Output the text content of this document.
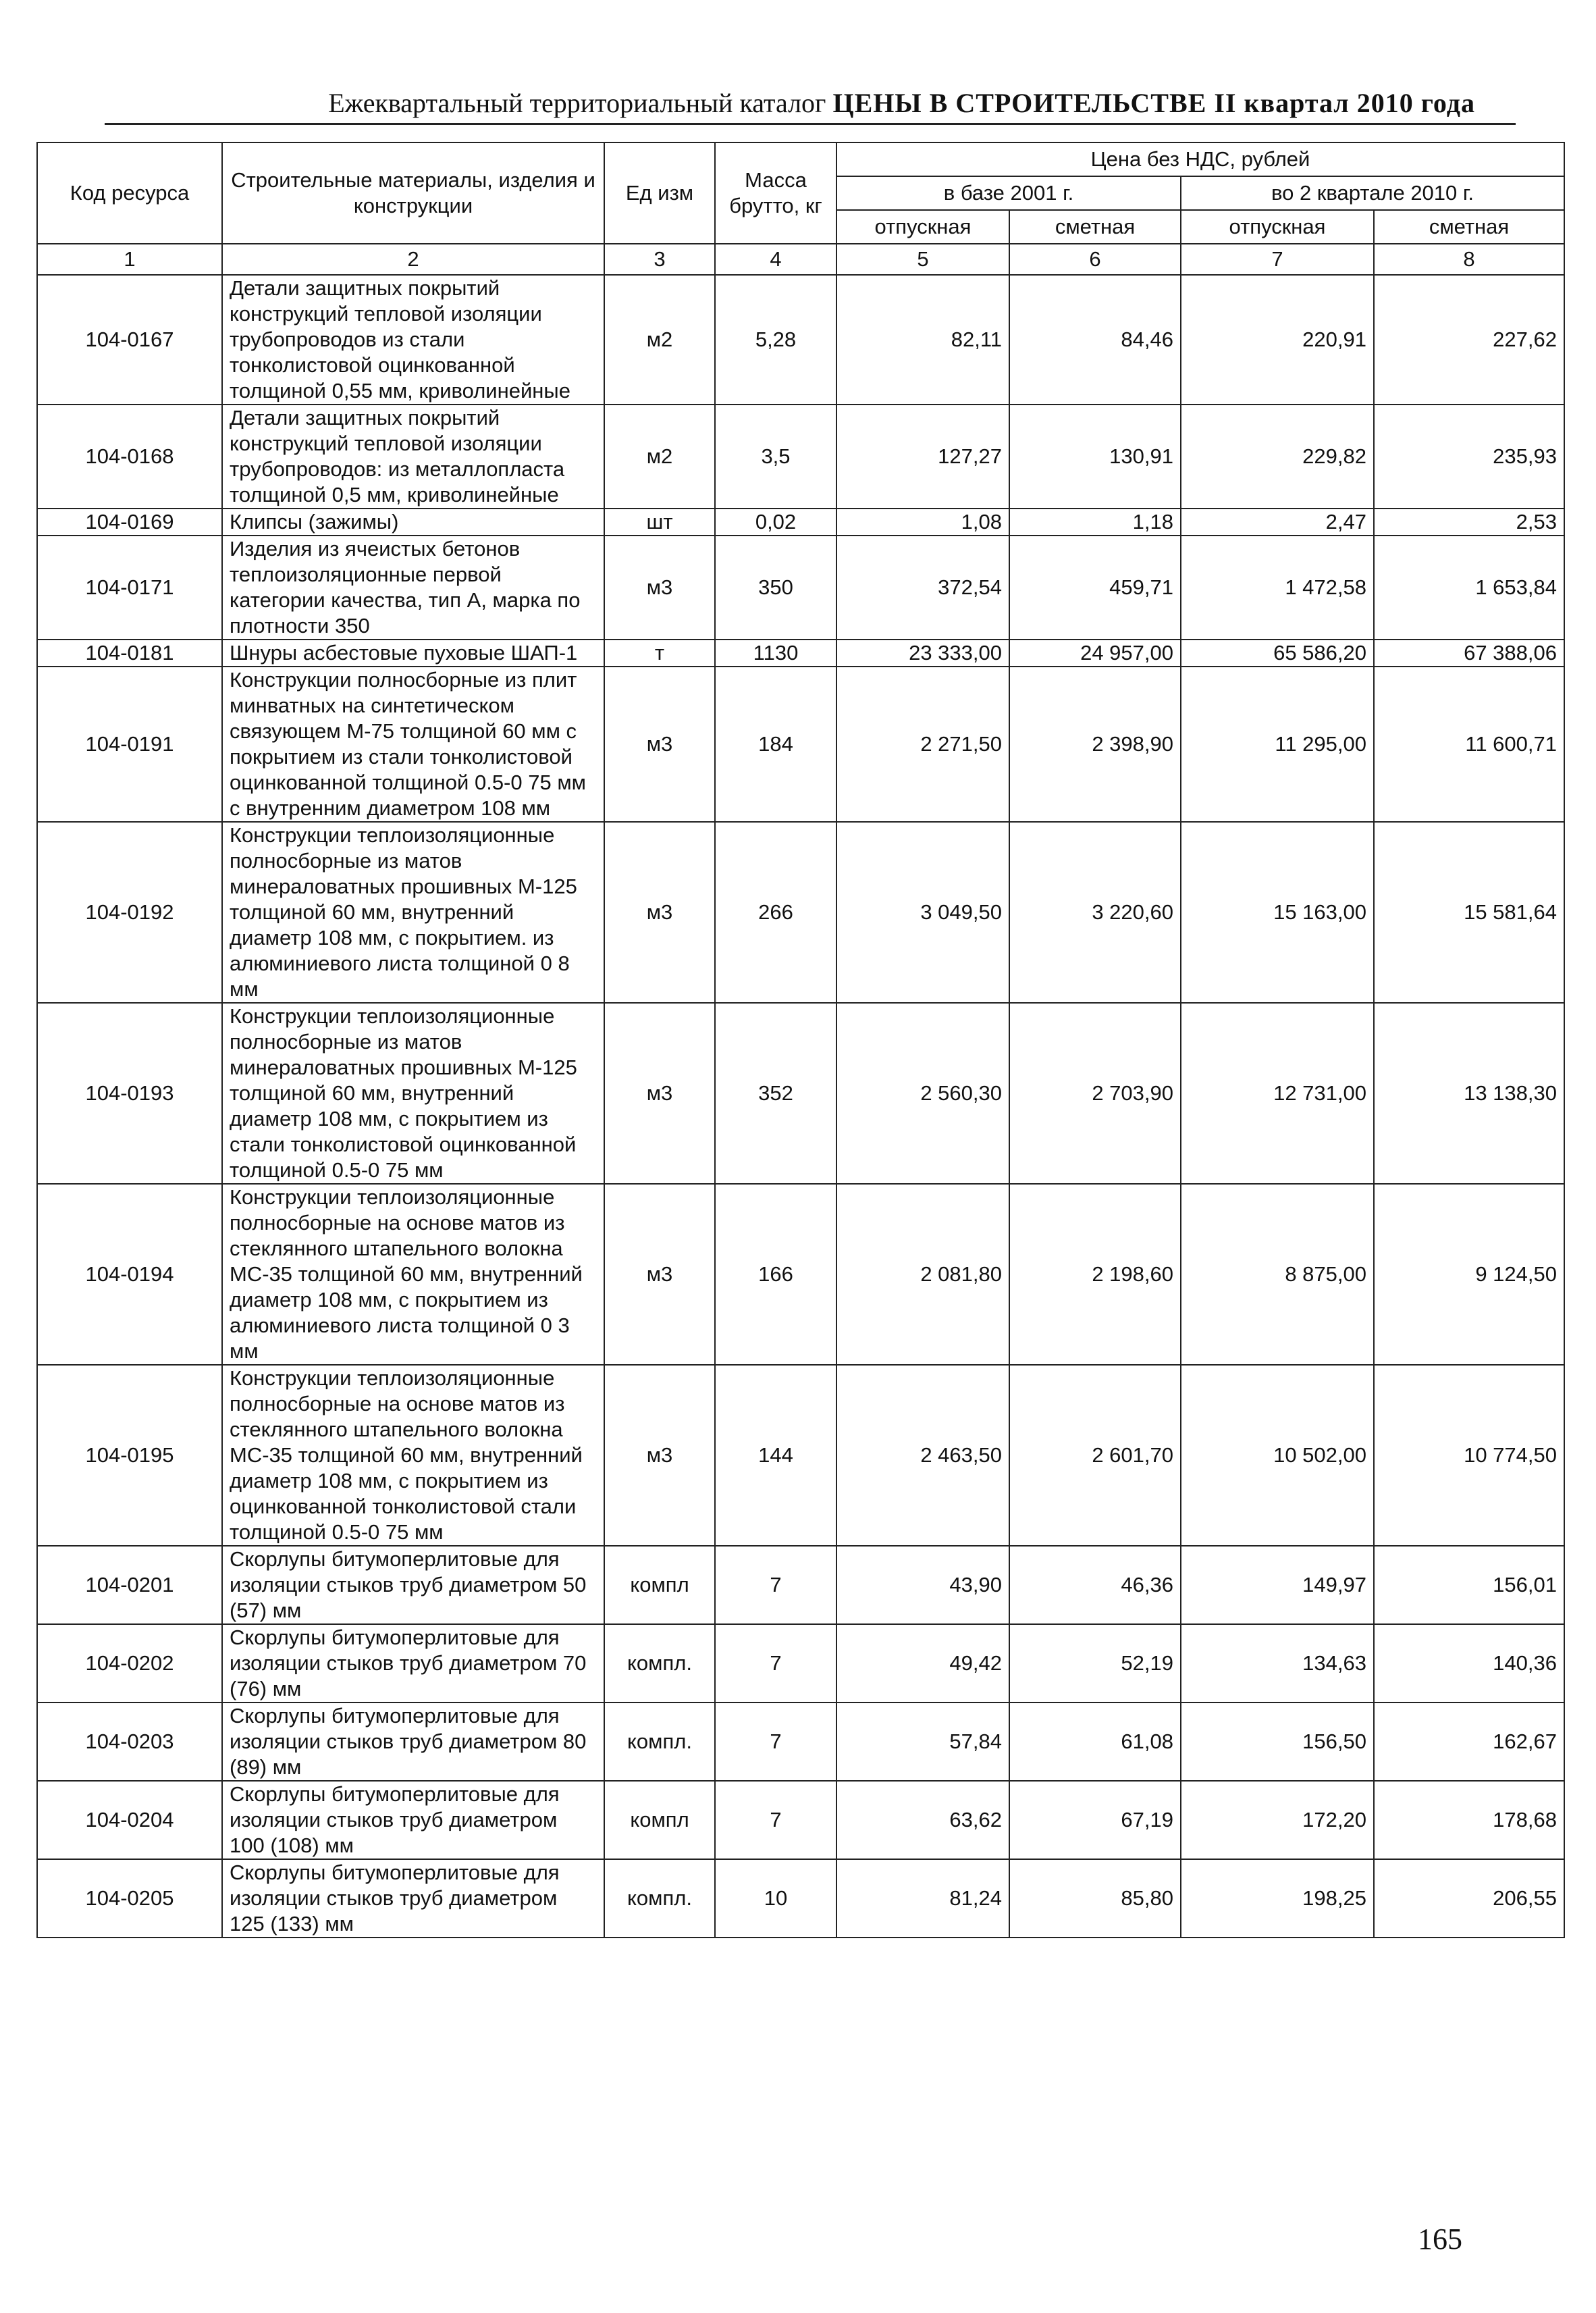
Ежеквартальный территориальный каталог ЦЕНЫ В СТРОИТЕЛЬСТВЕ II квартал 2010 года
Код ресурса	Строительные материалы, изделия и конструкции	Ед изм	Масса брутто, кг	Цена без НДС, рублей			
				в базе 2001 г.		во 2 квартале 2010 г.	
				отпускная	сметная	отпускная	сметная
1	2	3	4	5	6	7	8
104-0167	Детали защитных покрытий конструкций тепловой изоляции трубопроводов из стали тонколистовой оцинкованной толщиной 0,55 мм, криволинейные	м2	5,28	82,11	84,46	220,91	227,62
104-0168	Детали защитных покрытий конструкций тепловой изоляции трубопроводов: из металлопласта толщиной 0,5 мм, криволинейные	м2	3,5	127,27	130,91	229,82	235,93
104-0169	Клипсы (зажимы)	шт	0,02	1,08	1,18	2,47	2,53
104-0171	Изделия из ячеистых бетонов теплоизоляционные первой категории качества, тип А, марка по плотности 350	м3	350	372,54	459,71	1 472,58	1 653,84
104-0181	Шнуры асбестовые пуховые ШАП-1	т	1130	23 333,00	24 957,00	65 586,20	67 388,06
104-0191	Конструкции полносборные из плит минватных на синтетическом связующем М-75 толщиной 60 мм с покрытием из стали тонколистовой оцинкованной толщиной 0.5-0 75 мм с внутренним диаметром 108 мм	м3	184	2 271,50	2 398,90	11 295,00	11 600,71
104-0192	Конструкции теплоизоляционные полносборные из матов минераловатных прошивных М-125 толщиной 60 мм, внутренний диаметр 108 мм, с покрытием. из алюминиевого листа толщиной 0 8 мм	м3	266	3 049,50	3 220,60	15 163,00	15 581,64
104-0193	Конструкции теплоизоляционные полносборные из матов минераловатных прошивных М-125 толщиной 60 мм, внутренний диаметр 108 мм, с покрытием из стали тонколистовой оцинкованной толщиной 0.5-0 75 мм	м3	352	2 560,30	2 703,90	12 731,00	13 138,30
104-0194	Конструкции теплоизоляционные полносборные на основе матов из стеклянного штапельного волокна МС-35 толщиной 60 мм, внутренний диаметр 108 мм, с покрытием из алюминиевого листа толщиной 0 3 мм	м3	166	2 081,80	2 198,60	8 875,00	9 124,50
104-0195	Конструкции теплоизоляционные полносборные на основе матов из стеклянного штапельного волокна МС-35 толщиной 60 мм, внутренний диаметр 108 мм, с покрытием из оцинкованной тонколистовой стали толщиной 0.5-0 75 мм	м3	144	2 463,50	2 601,70	10 502,00	10 774,50
104-0201	Скорлупы битумоперлитовые для изоляции стыков труб диаметром 50 (57) мм	компл	7	43,90	46,36	149,97	156,01
104-0202	Скорлупы битумоперлитовые для изоляции стыков труб диаметром 70 (76) мм	компл.	7	49,42	52,19	134,63	140,36
104-0203	Скорлупы битумоперлитовые для изоляции стыков труб диаметром 80 (89) мм	компл.	7	57,84	61,08	156,50	162,67
104-0204	Скорлупы битумоперлитовые для изоляции стыков труб диаметром 100 (108) мм	компл	7	63,62	67,19	172,20	178,68
104-0205	Скорлупы битумоперлитовые для изоляции стыков труб диаметром 125 (133) мм	компл.	10	81,24	85,80	198,25	206,55
165
